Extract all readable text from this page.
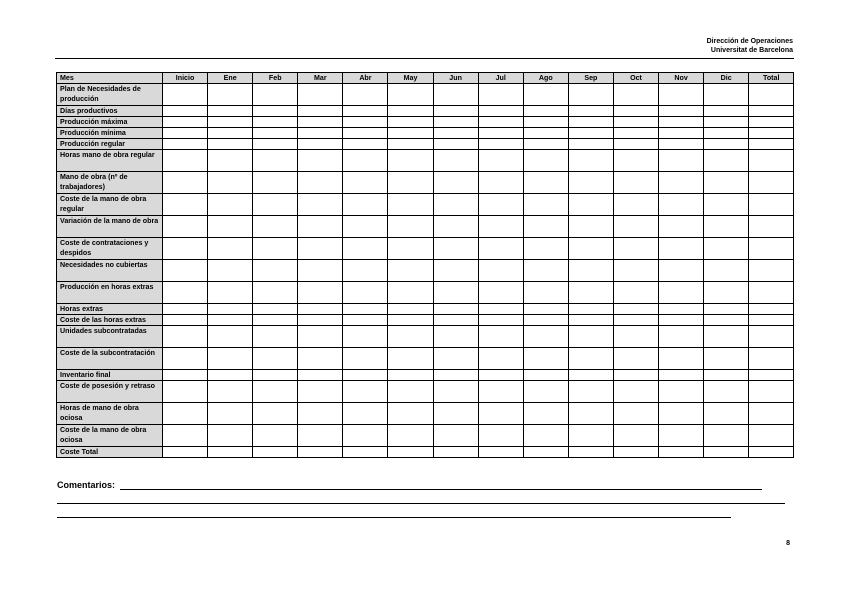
Dirección de Operaciones
Universitat de Barcelona
Mes	Inicio	Ene	Feb	Mar	Abr	May	Jun	Jul	Ago	Sep	Oct	Nov	Dic	Total
Plan de Necesidades de producción														
Días productivos														
Producción máxima														
Producción mínima														
Producción regular														
Horas mano de obra regular														
Mano de obra (nº de trabajadores)														
Coste de la mano de obra regular														
Variación de la mano de obra														
Coste de contrataciones y despidos														
Necesidades no cubiertas														
Producción en horas extras														
Horas extras														
Coste de las horas extras														
Unidades subcontratadas														
Coste de la subcontratación														
Inventario final														
Coste de posesión y retraso														
Horas de mano de obra ociosa														
Coste de la mano de obra ociosa														
Coste Total														
Comentarios:
8
